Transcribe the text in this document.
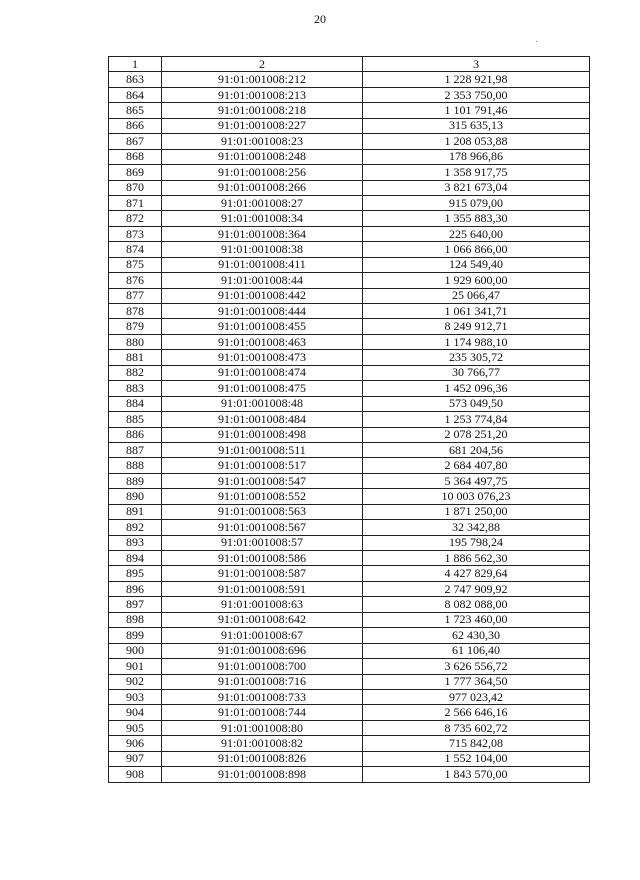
20
1	2	3
863	91:01:001008:212	1 228 921,98
864	91:01:001008:213	2 353 750,00
865	91:01:001008:218	1 101 791,46
866	91:01:001008:227	315 635,13
867	91:01:001008:23	1 208 053,88
868	91:01:001008:248	178 966,86
869	91:01:001008:256	1 358 917,75
870	91:01:001008:266	3 821 673,04
871	91:01:001008:27	915 079,00
872	91:01:001008:34	1 355 883,30
873	91:01:001008:364	225 640,00
874	91:01:001008:38	1 066 866,00
875	91:01:001008:411	124 549,40
876	91:01:001008:44	1 929 600,00
877	91:01:001008:442	25 066,47
878	91:01:001008:444	1 061 341,71
879	91:01:001008:455	8 249 912,71
880	91:01:001008:463	1 174 988,10
881	91:01:001008:473	235 305,72
882	91:01:001008:474	30 766,77
883	91:01:001008:475	1 452 096,36
884	91:01:001008:48	573 049,50
885	91:01:001008:484	1 253 774,84
886	91:01:001008:498	2 078 251,20
887	91:01:001008:511	681 204,56
888	91:01:001008:517	2 684 407,80
889	91:01:001008:547	5 364 497,75
890	91:01:001008:552	10 003 076,23
891	91:01:001008:563	1 871 250,00
892	91:01:001008:567	32 342,88
893	91:01:001008:57	195 798,24
894	91:01:001008:586	1 886 562,30
895	91:01:001008:587	4 427 829,64
896	91:01:001008:591	2 747 909,92
897	91:01:001008:63	8 082 088,00
898	91:01:001008:642	1 723 460,00
899	91:01:001008:67	62 430,30
900	91:01:001008:696	61 106,40
901	91:01:001008:700	3 626 556,72
902	91:01:001008:716	1 777 364,50
903	91:01:001008:733	977 023,42
904	91:01:001008:744	2 566 646,16
905	91:01:001008:80	8 735 602,72
906	91:01:001008:82	715 842,08
907	91:01:001008:826	1 552 104,00
908	91:01:001008:898	1 843 570,00
